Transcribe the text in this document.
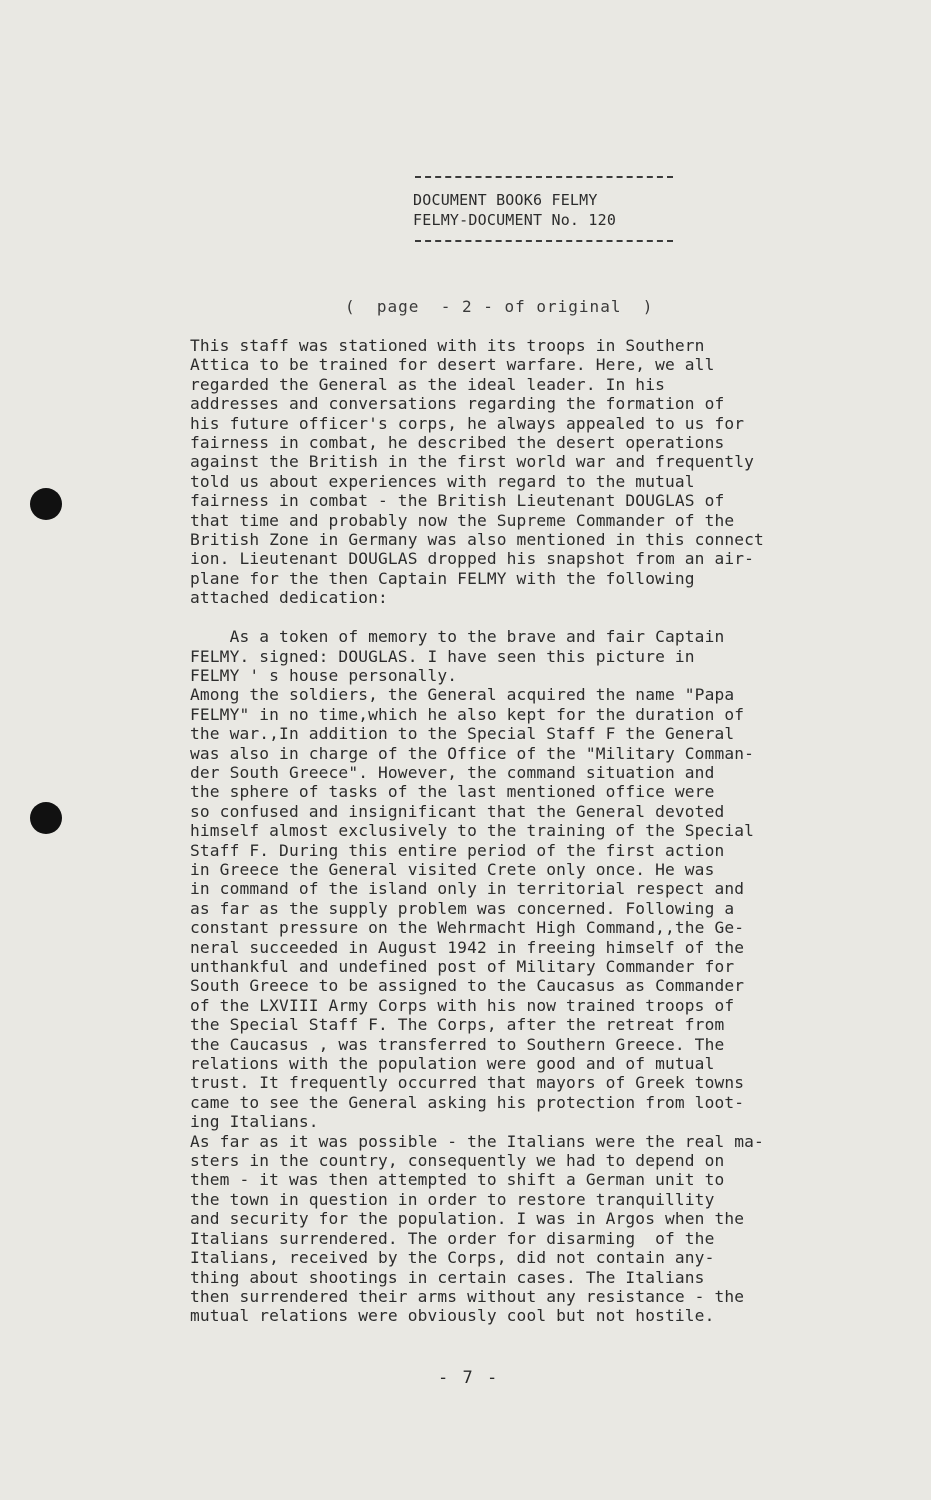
DOCUMENT BOOK6 FELMY
FELMY-DOCUMENT No. 120
(  page  - 2 - of original  )
This staff was stationed with its troops in Southern
Attica to be trained for desert warfare. Here, we all
regarded the General as the ideal leader. In his
addresses and conversations regarding the formation of
his future officer's corps, he always appealed to us for
fairness in combat, he described the desert operations
against the British in the first world war and frequently
told us about experiences with regard to the mutual
fairness in combat - the British Lieutenant DOUGLAS of
that time and probably now the Supreme Commander of the
British Zone in Germany was also mentioned in this connect
ion. Lieutenant DOUGLAS dropped his snapshot from an air-
plane for the then Captain FELMY with the following
attached dedication:

As a token of memory to the brave and fair Captain
FELMY. signed: DOUGLAS. I have seen this picture in
FELMY ' s house personally.
Among the soldiers, the General acquired the name "Papa
FELMY" in no time,which he also kept for the duration of
the war.,In addition to the Special Staff F the General
was also in charge of the Office of the "Military Comman-
der South Greece". However, the command situation and
the sphere of tasks of the last mentioned office were
so confused and insignificant that the General devoted
himself almost exclusively to the training of the Special
Staff F. During this entire period of the first action
in Greece the General visited Crete only once. He was
in command of the island only in territorial respect and
as far as the supply problem was concerned. Following a
constant pressure on the Wehrmacht High Command,,the Ge-
neral succeeded in August 1942 in freeing himself of the
unthankful and undefined post of Military Commander for
South Greece to be assigned to the Caucasus as Commander
of the LXVIII Army Corps with his now trained troops of
the Special Staff F. The Corps, after the retreat from
the Caucasus , was transferred to Southern Greece. The
relations with the population were good and of mutual
trust. It frequently occurred that mayors of Greek towns
came to see the General asking his protection from loot-
ing Italians.
As far as it was possible - the Italians were the real ma-
sters in the country, consequently we had to depend on
them - it was then attempted to shift a German unit to
the town in question in order to restore tranquillity
and security for the population. I was in Argos when the
Italians surrendered. The order for disarming  of the
Italians, received by the Corps, did not contain any-
thing about shootings in certain cases. The Italians
then surrendered their arms without any resistance - the
mutual relations were obviously cool but not hostile.
- 7 -
